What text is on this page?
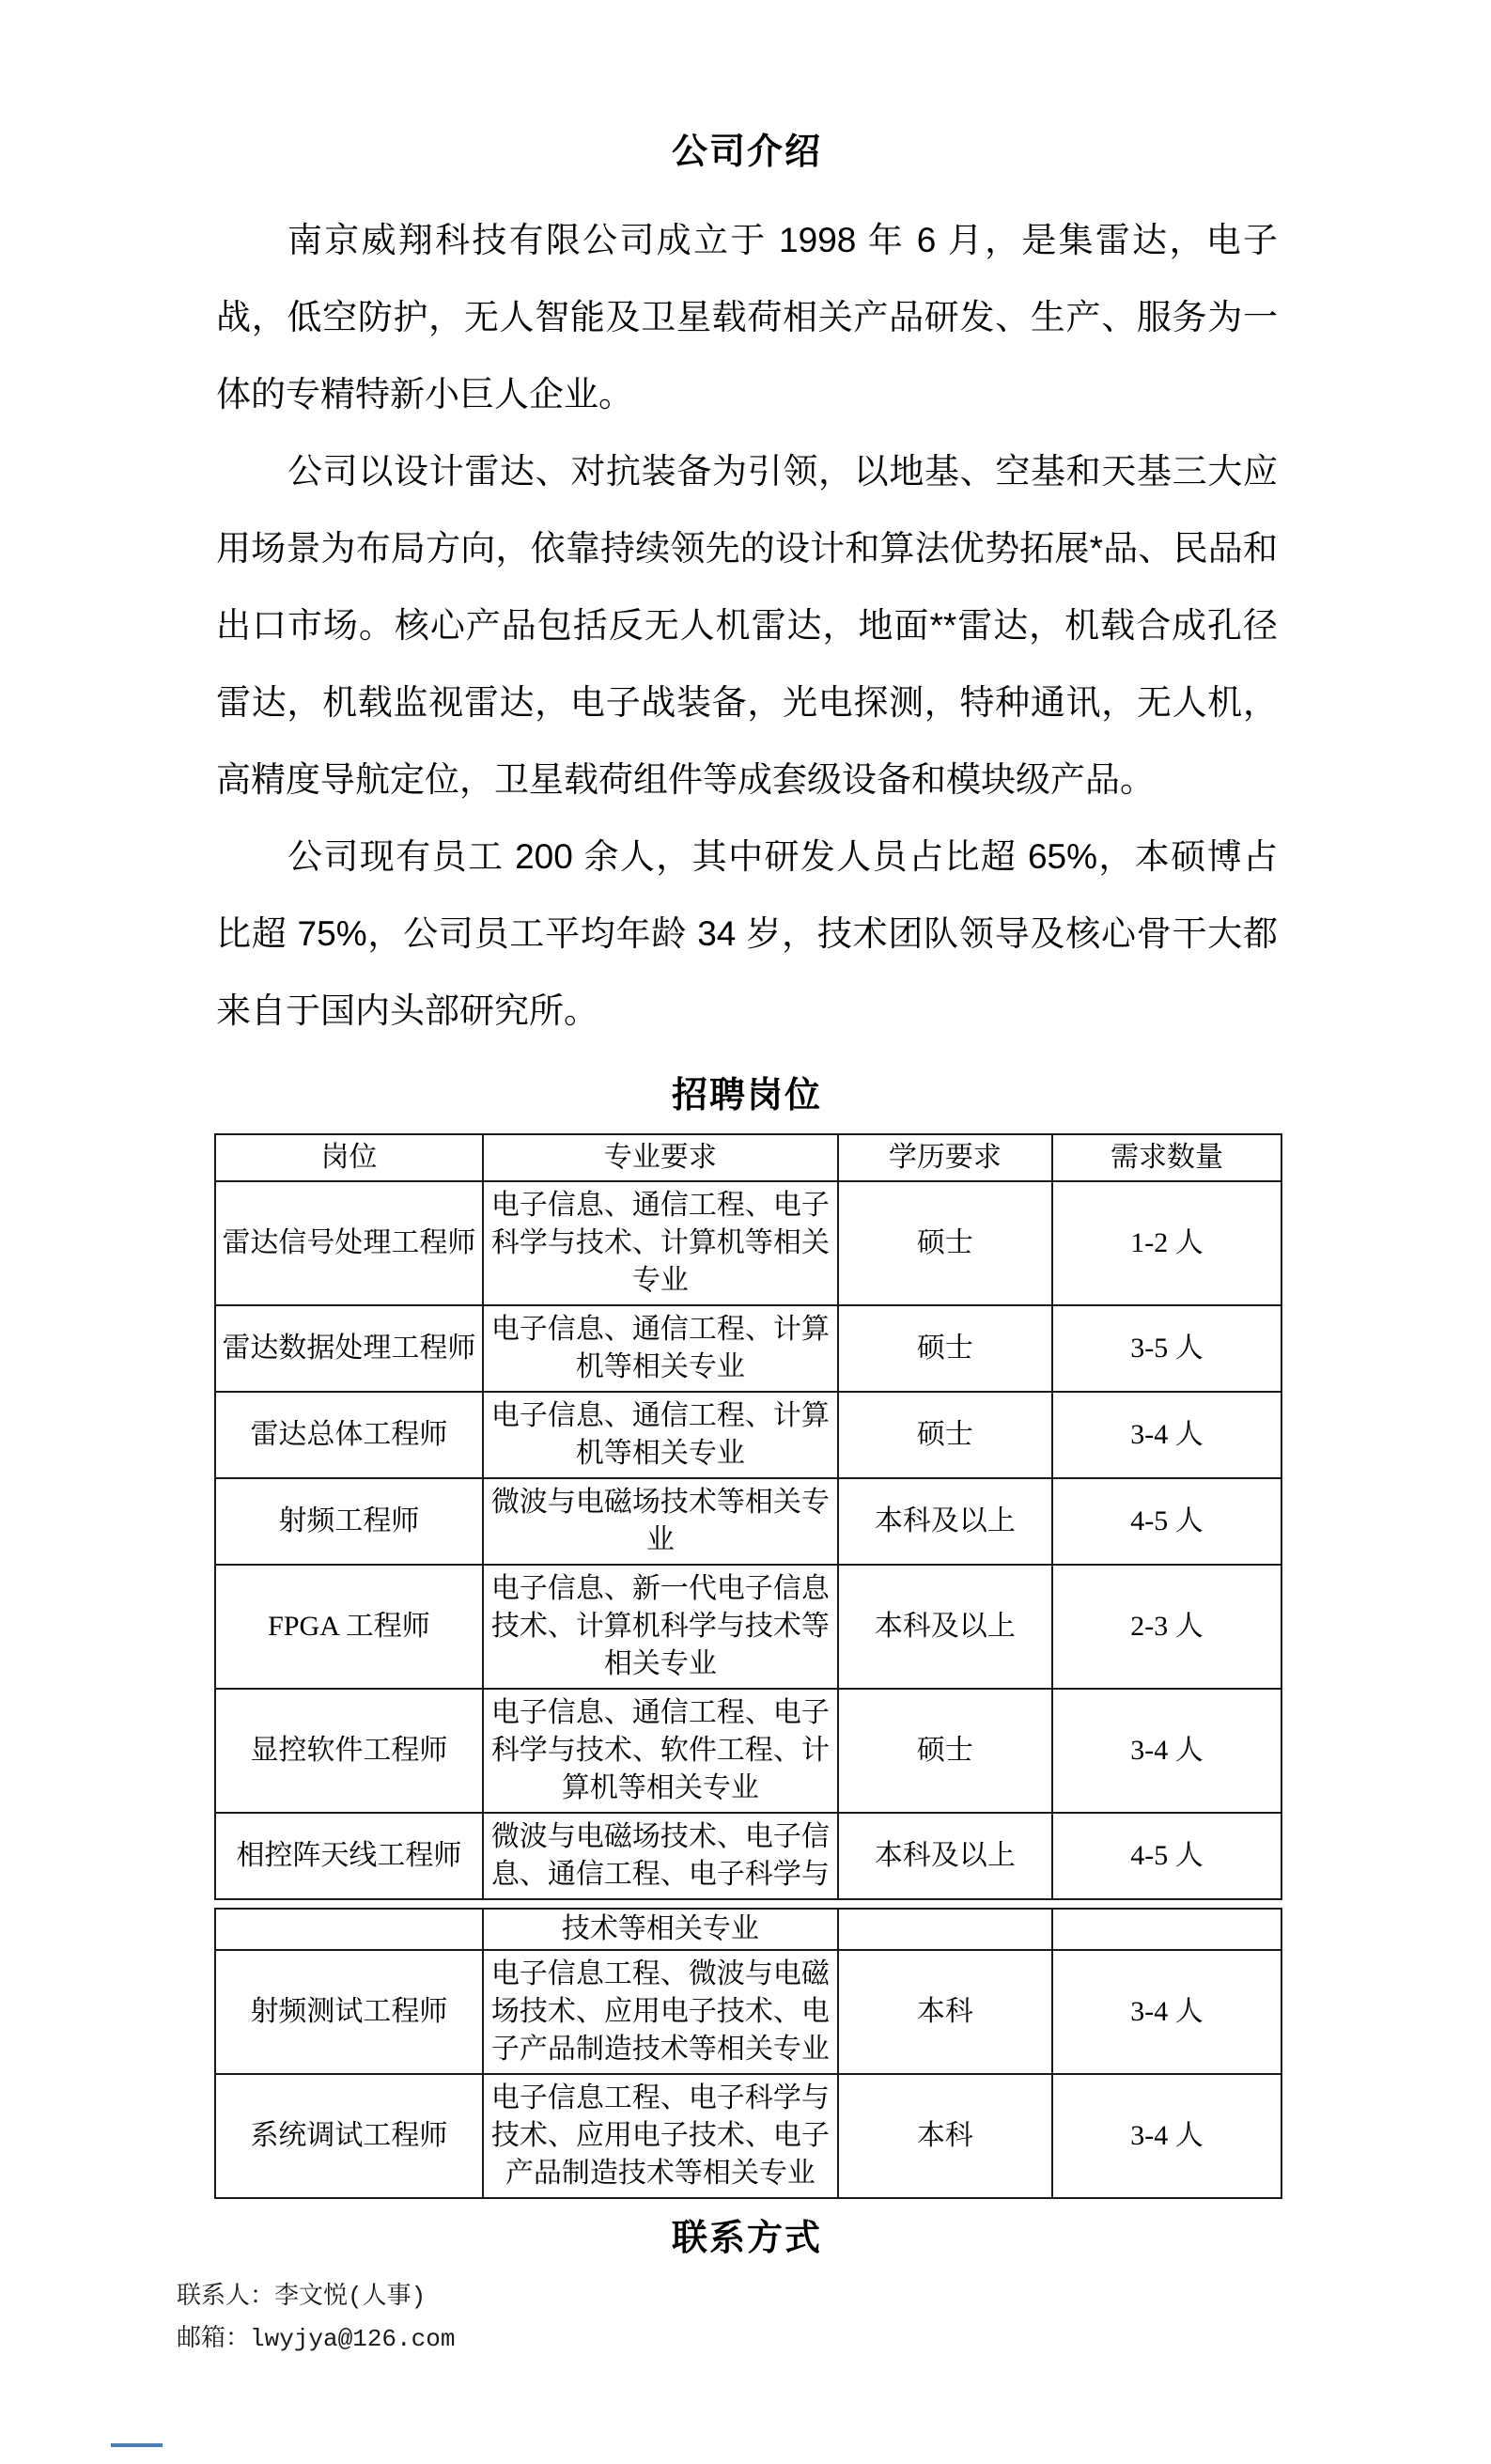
公司介绍

南京威翔科技有限公司成立于 1998 年 6 月，是集雷达，电子战，低空防护，无人智能及卫星载荷相关产品研发、生产、服务为一体的专精特新小巨人企业。

公司以设计雷达、对抗装备为引领，以地基、空基和天基三大应用场景为布局方向，依靠持续领先的设计和算法优势拓展*品、民品和出口市场。核心产品包括反无人机雷达，地面**雷达，机载合成孔径雷达，机载监视雷达，电子战装备，光电探测，特种通讯，无人机，高精度导航定位，卫星载荷组件等成套级设备和模块级产品。

公司现有员工 200 余人，其中研发人员占比超 65%，本硕博占比超 75%，公司员工平均年龄 34 岁，技术团队领导及核心骨干大都来自于国内头部研究所。

招聘岗位
岗位	专业要求	学历要求	需求数量
雷达信号处理工程师	电子信息、通信工程、电子科学与技术、计算机等相关专业	硕士	1-2 人
雷达数据处理工程师	电子信息、通信工程、计算机等相关专业	硕士	3-5 人
雷达总体工程师	电子信息、通信工程、计算机等相关专业	硕士	3-4 人
射频工程师	微波与电磁场技术等相关专业	本科及以上	4-5 人
FPGA 工程师	电子信息、新一代电子信息技术、计算机科学与技术等相关专业	本科及以上	2-3 人
显控软件工程师	电子信息、通信工程、电子科学与技术、软件工程、计算机等相关专业	硕士	3-4 人
相控阵天线工程师	微波与电磁场技术、电子信息、通信工程、电子科学与	本科及以上	4-5 人
	技术等相关专业		
射频测试工程师	电子信息工程、微波与电磁场技术、应用电子技术、电子产品制造技术等相关专业	本科	3-4 人
系统调试工程师	电子信息工程、电子科学与技术、应用电子技术、电子产品制造技术等相关专业	本科	3-4 人
联系方式

联系人：李文悦(人事)

邮箱：lwyjya@126.com
